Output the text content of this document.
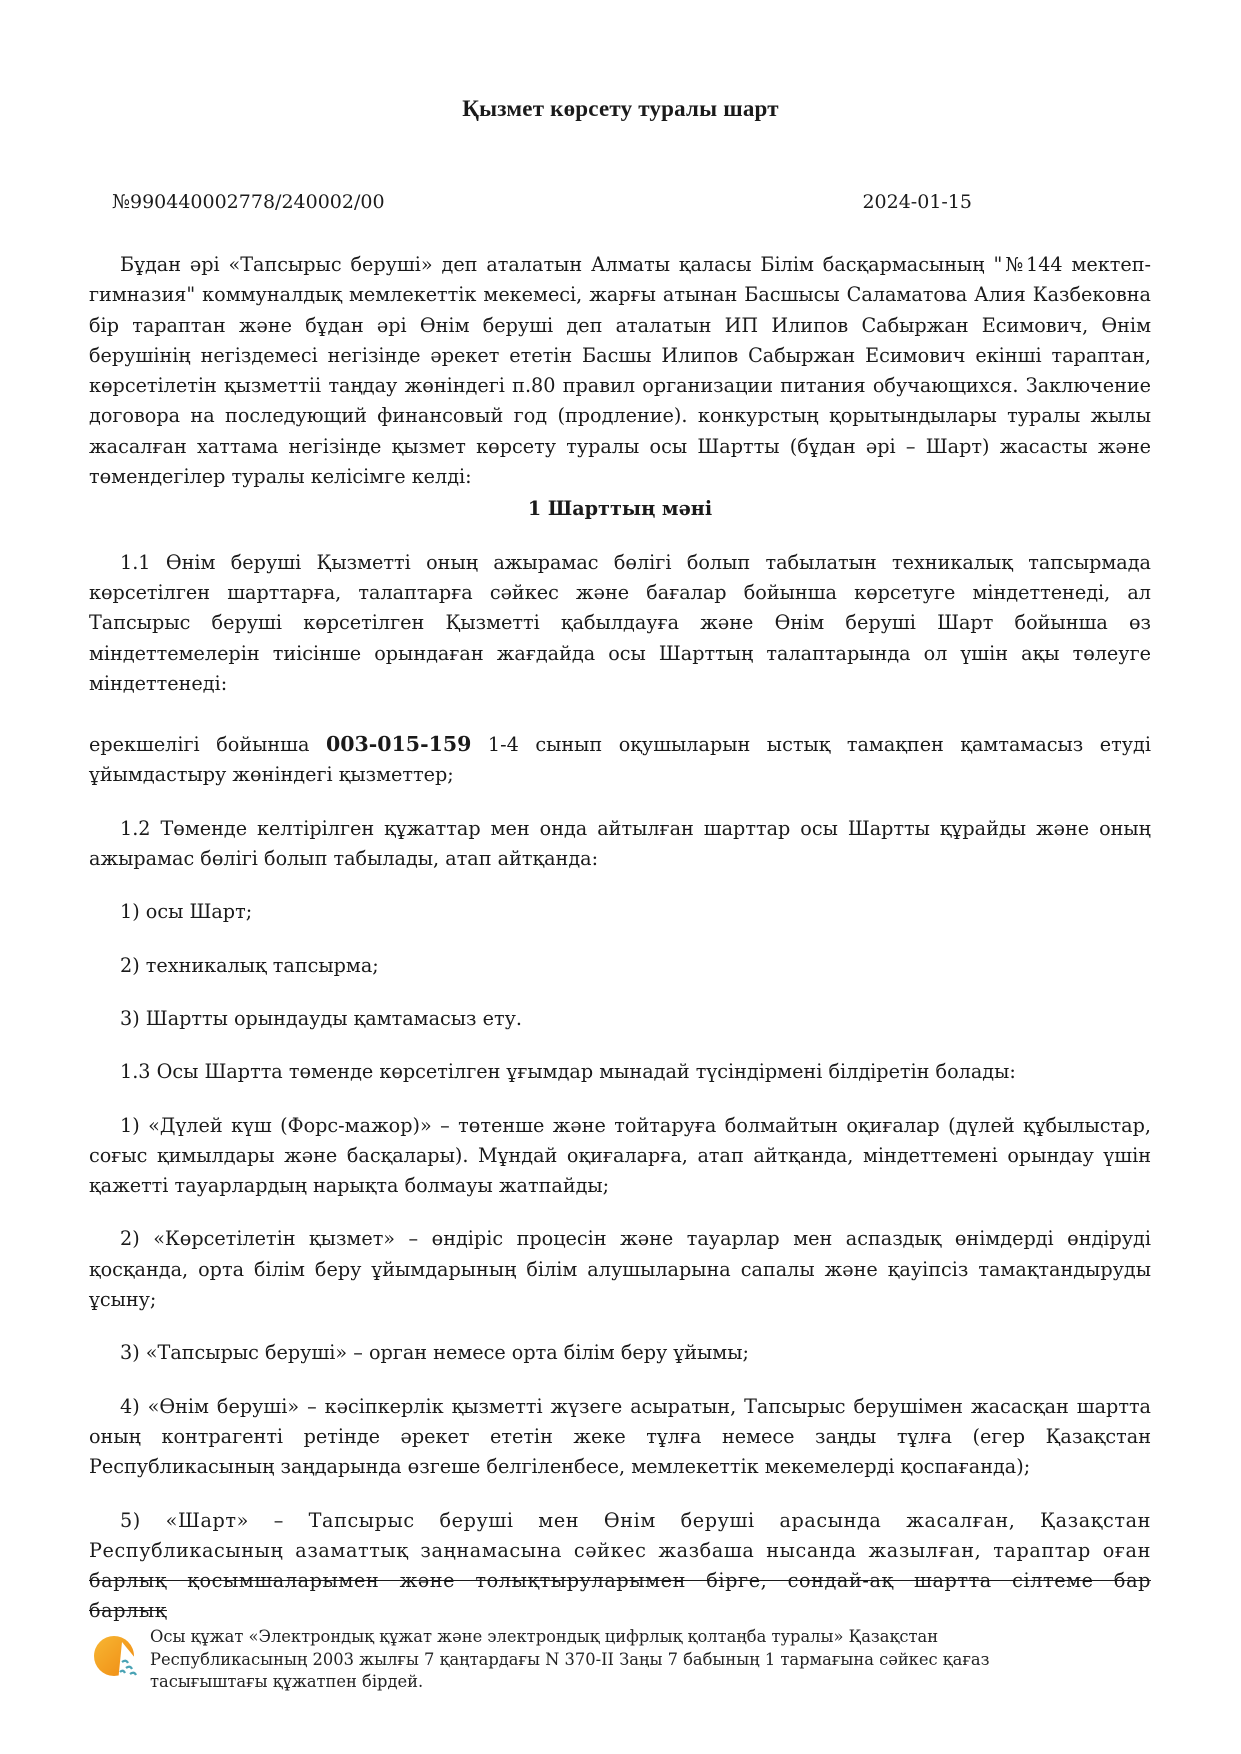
Қызмет көрсету туралы шарт
№990440002778/240002/00	2024-01-15

Бұдан әрі «Тапсырыс беруші» деп аталатын Алматы қаласы Білім басқармасының "№144 мектеп-гимназия" коммуналдық мемлекеттік мекемесі, жарғы атынан Басшысы Саламатова Алия Казбековна бір тараптан және бұдан әрі Өнім беруші деп аталатын ИП Илипов Сабыржан Есимович, Өнім берушінің негіздемесі негізінде әрекет ететін Басшы Илипов Сабыржан Есимович екінші тараптан, көрсетілетін қызметтіі таңдау жөніндегі п.80 правил организации питания обучающихся. Заключение договора на последующий финансовый год (продление). конкурстың қорытындылары туралы жылы жасалған хаттама негізінде қызмет көрсету туралы осы Шартты (бұдан әрі – Шарт) жасасты және төмендегілер туралы келісімге келді:

1 Шарттың мәні

1.1 Өнім беруші Қызметті оның ажырамас бөлігі болып табылатын техникалық тапсырмада көрсетілген шарттарға, талаптарға сәйкес және бағалар бойынша көрсетуге міндеттенеді, ал Тапсырыс беруші көрсетілген Қызметті қабылдауға және Өнім беруші Шарт бойынша өз міндеттемелерін тиісінше орындаған жағдайда осы Шарттың талаптарында ол үшін ақы төлеуге міндеттенеді:

ерекшелігі бойынша 003-015-159 1-4 сынып оқушыларын ыстық тамақпен қамтамасыз етуді ұйымдастыру жөніндегі қызметтер;

1.2 Төменде келтірілген құжаттар мен онда айтылған шарттар осы Шартты құрайды және оның ажырамас бөлігі болып табылады, атап айтқанда:

1) осы Шарт;

2) техникалық тапсырма;

3) Шартты орындауды қамтамасыз ету.

1.3 Осы Шартта төменде көрсетілген ұғымдар мынадай түсіндірмені білдіретін болады:

1) «Дүлей күш (Форс-мажор)» – төтенше және тойтаруға болмайтын оқиғалар (дүлей құбылыстар, соғыс қимылдары және басқалары). Мұндай оқиғаларға, атап айтқанда, міндеттемені орындау үшін қажетті тауарлардың нарықта болмауы жатпайды;

2) «Көрсетілетін қызмет» – өндіріс процесін және тауарлар мен аспаздық өнімдерді өндіруді қосқанда, орта білім беру ұйымдарының білім алушыларына сапалы және қауіпсіз тамақтандыруды ұсыну;

3) «Тапсырыс беруші» – орган немесе орта білім беру ұйымы;

4) «Өнім беруші» – кәсіпкерлік қызметті жүзеге асыратын, Тапсырыс берушімен жасасқан шартта оның контрагенті ретінде әрекет ететін жеке тұлға немесе заңды тұлға (егер Қазақстан Республикасының заңдарында өзгеше белгіленбесе, мемлекеттік мекемелерді қоспағанда);

5) «Шарт» – Тапсырыс беруші мен Өнім беруші арасында жасалған, Қазақстан Республикасының азаматтық заңнамасына сәйкес жазбаша нысанда жазылған, тараптар оған барлық қосымшаларымен және толықтыруларымен бірге, сондай-ақ шартта сілтеме бар барлық

Осы құжат «Электрондық құжат және электрондық цифрлық қолтаңба туралы» Қазақстан
Республикасының 2003 жылғы 7 қаңтардағы N 370-II Заңы 7 бабының 1 тармағына сәйкес қағаз
тасығыштағы құжатпен бірдей.
